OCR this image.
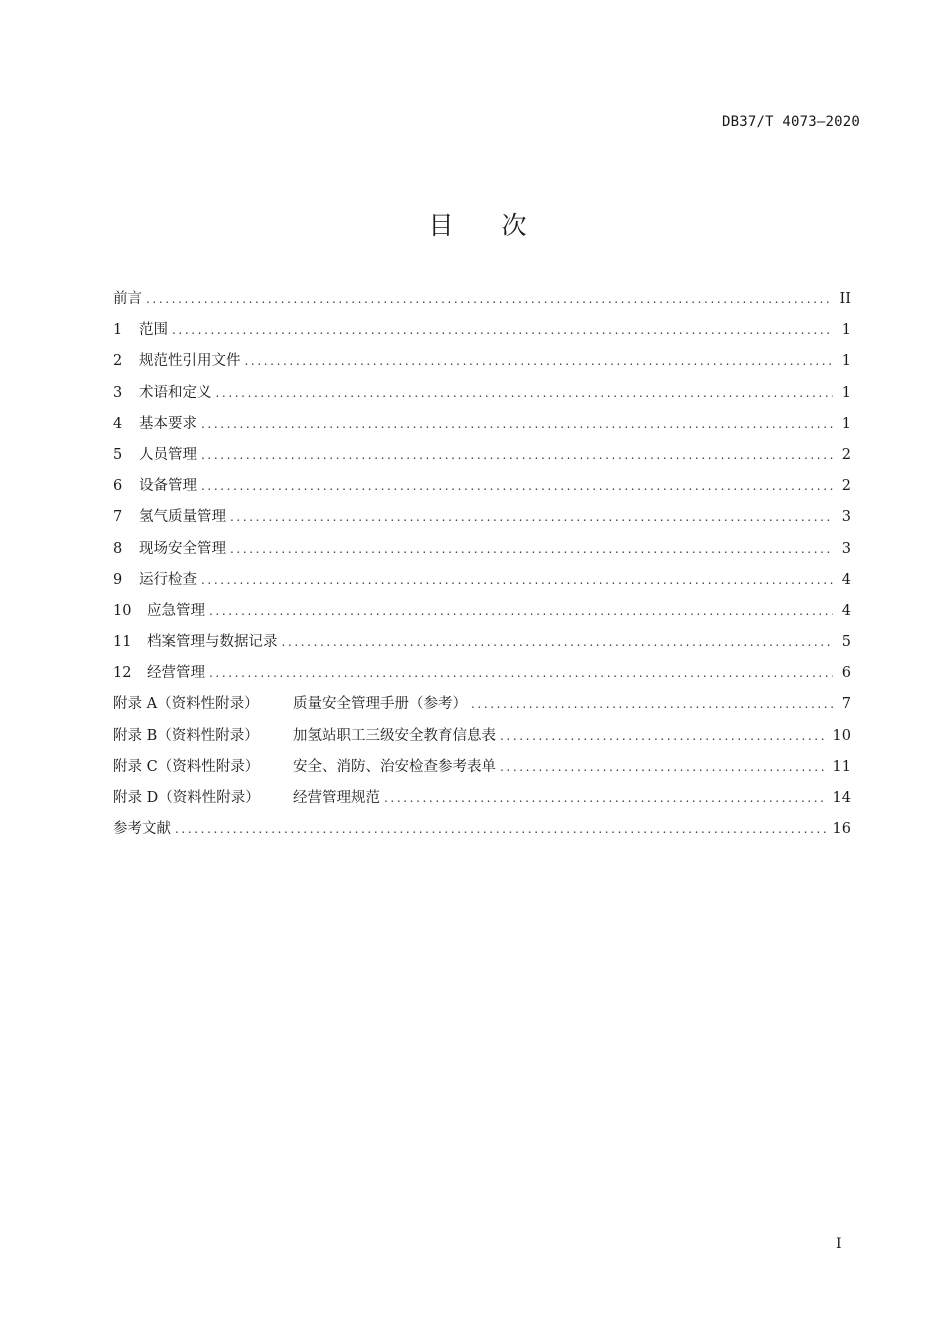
DB37/T 4073—2020
目 次
前言 .....	II
1 范围 .....	1
2 规范性引用文件 .....	1
3 术语和定义 .....	1
4 基本要求 .....	1
5 人员管理 .....	2
6 设备管理 .....	2
7 氢气质量管理 .....	3
8 现场安全管理 .....	3
9 运行检查 .....	4
10 应急管理 .....	4
11 档案管理与数据记录 .....	5
12 经营管理 .....	6
附录 A（资料性附录） 质量安全管理手册（参考） .....	7
附录 B（资料性附录） 加氢站职工三级安全教育信息表 .....	10
附录 C（资料性附录） 安全、消防、治安检查参考表单 .....	11
附录 D（资料性附录） 经营管理规范 .....	14
参考文献 .....	16
I
